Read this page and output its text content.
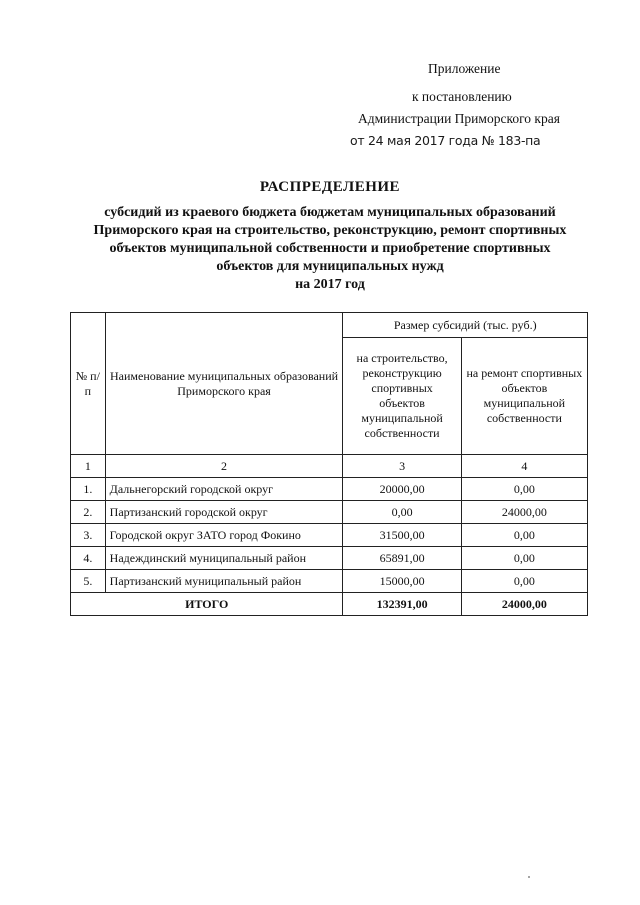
Приложение
к постановлению
Администрации Приморского края
от 24 мая 2017 года № 183-па
РАСПРЕДЕЛЕНИЕ
субсидий из краевого бюджета бюджетам муниципальных образований
Приморского края на строительство, реконструкцию, ремонт спортивных
объектов муниципальной собственности и приобретение спортивных
объектов для муниципальных нужд
на 2017 год
№ п/п	Наименование муниципальных образований Приморского края	Размер субсидий (тыс. руб.)	
		на строительство, реконструкцию спортивных объектов муниципальной собственности	на ремонт спортивных объектов муниципальной собственности
1	2	3	4
1.	Дальнегорский городской округ	20000,00	0,00
2.	Партизанский городской округ	0,00	24000,00
3.	Городской округ ЗАТО город Фокино	31500,00	0,00
4.	Надеждинский муниципальный район	65891,00	0,00
5.	Партизанский муниципальный район	15000,00	0,00
ИТОГО		132391,00	24000,00
